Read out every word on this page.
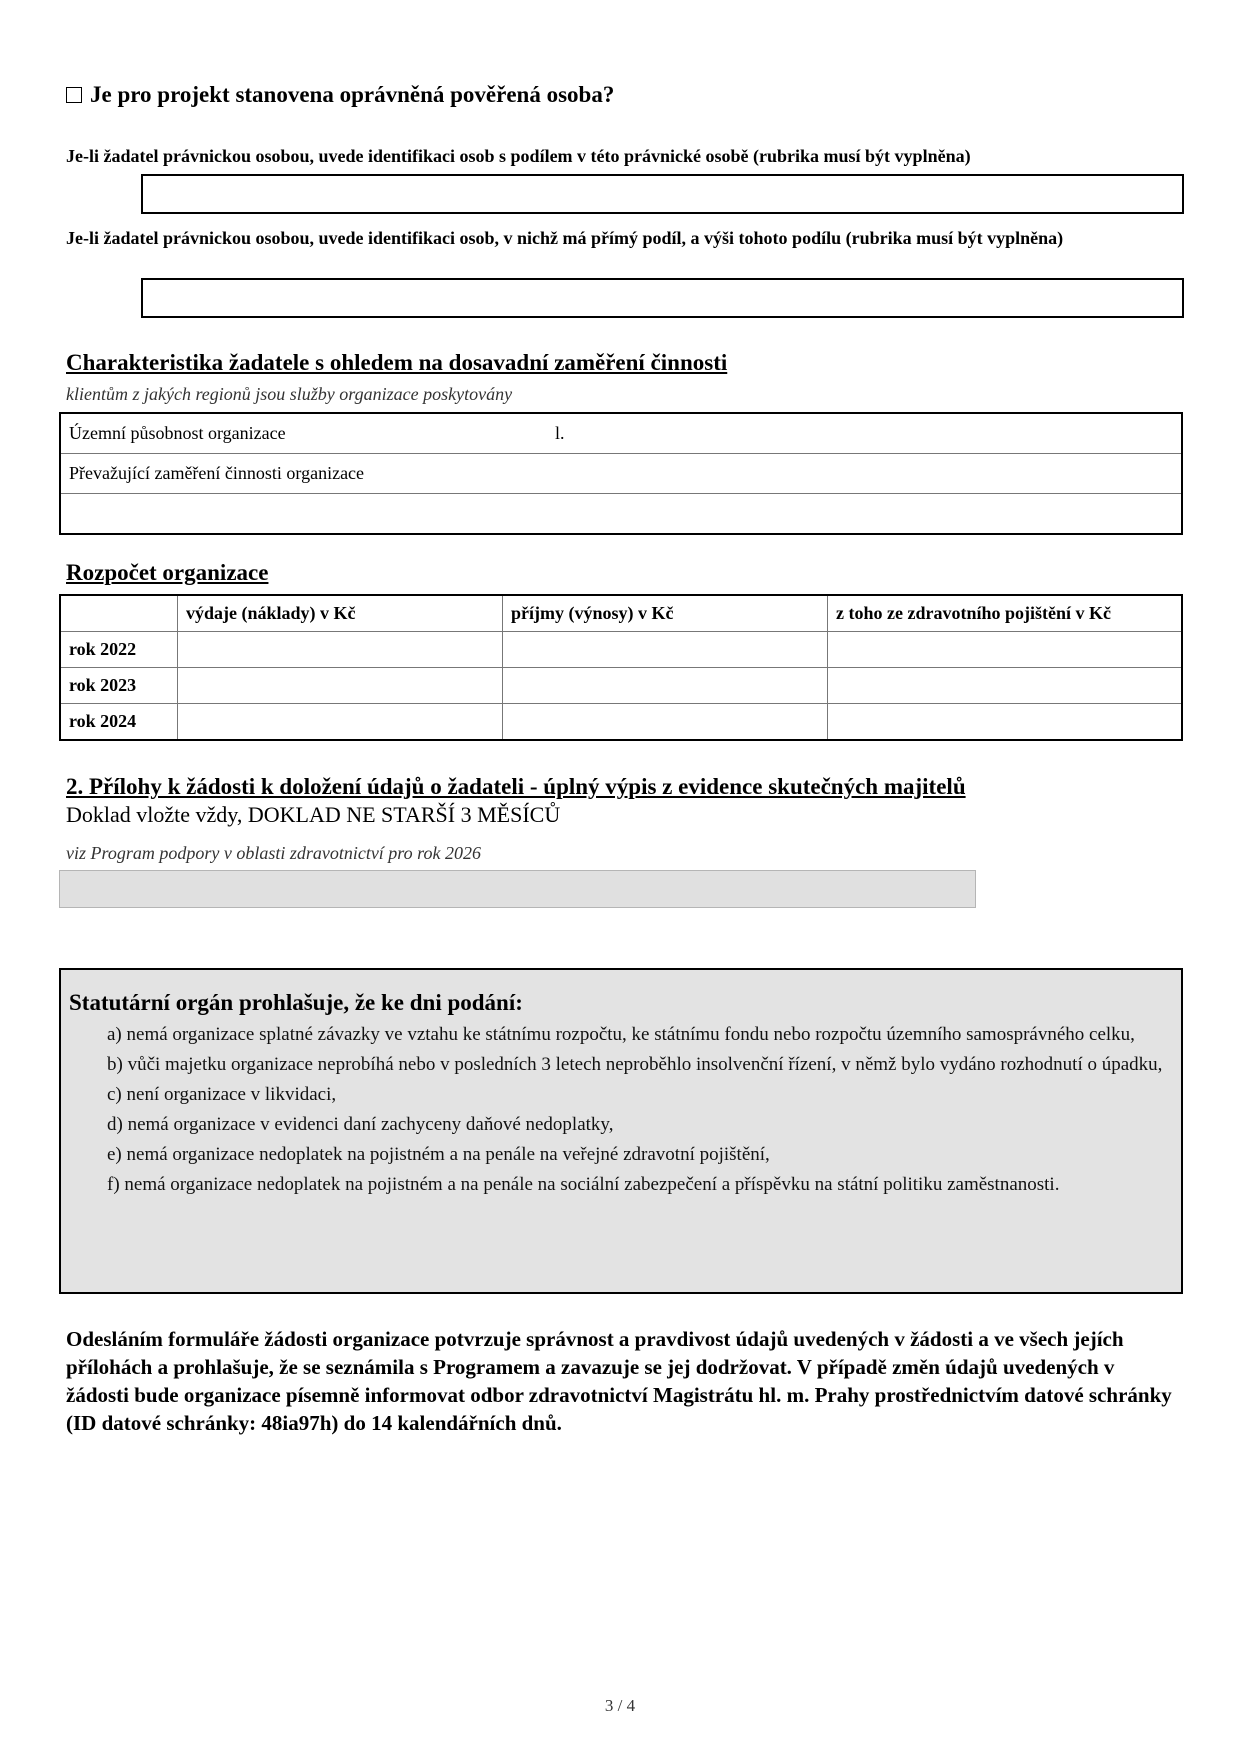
Je pro projekt stanovena oprávněná pověřená osoba?
Je-li žadatel právnickou osobou, uvede identifikaci osob s podílem v této právnické osobě (rubrika musí být vyplněna)
Je-li žadatel právnickou osobou, uvede identifikaci osob, v nichž má přímý podíl, a výši tohoto podílu (rubrika musí být vyplněna)
Charakteristika žadatele s ohledem na dosavadní zaměření činnosti
klientům z jakých regionů jsou služby organizace poskytovány
Územní působnost organizace	l.
Převažující zaměření činnosti organizace	

Rozpočet organizace
	výdaje (náklady) v Kč	příjmy (výnosy) v Kč	z toho ze zdravotního pojištění v Kč
rok 2022			
rok 2023			
rok 2024			
2. Přílohy k žádosti k doložení údajů o žadateli - úplný výpis z evidence skutečných majitelů
Doklad vložte vždy, DOKLAD NE STARŠÍ 3 MĚSÍCŮ
viz Program podpory v oblasti zdravotnictví pro rok 2026
Statutární orgán prohlašuje, že ke dni podání:
a) nemá organizace splatné závazky ve vztahu ke státnímu rozpočtu, ke státnímu fondu nebo rozpočtu územního samosprávného celku,
b) vůči majetku organizace neprobíhá nebo v posledních 3 letech neproběhlo insolvenční řízení, v němž bylo vydáno rozhodnutí o úpadku,
c) není organizace v likvidaci,
d) nemá organizace v evidenci daní zachyceny daňové nedoplatky,
e) nemá organizace nedoplatek na pojistném a na penále na veřejné zdravotní pojištění,
f) nemá organizace nedoplatek na pojistném a na penále na sociální zabezpečení a příspěvku na státní politiku zaměstnanosti.
Odesláním formuláře žádosti organizace potvrzuje správnost a pravdivost údajů uvedených v žádosti a ve všech jejích přílohách a prohlašuje, že se seznámila s Programem a zavazuje se jej dodržovat. V případě změn údajů uvedených v žádosti bude organizace písemně informovat odbor zdravotnictví Magistrátu hl. m. Prahy prostřednictvím datové schránky (ID datové schránky: 48ia97h) do 14 kalendářních dnů.
3 / 4
